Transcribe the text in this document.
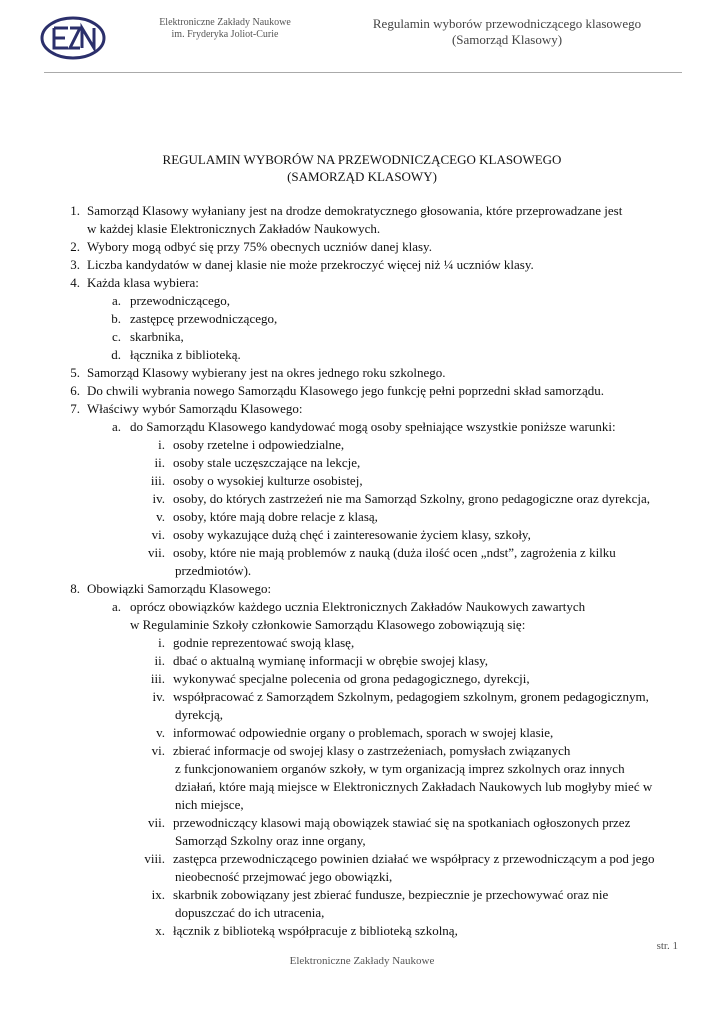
Elektroniczne Zakłady Naukowe
im. Fryderyka Joliot-Curie
Regulamin wyborów przewodniczącego klasowego
(Samorząd Klasowy)
REGULAMIN WYBORÓW NA PRZEWODNICZĄCEGO KLASOWEGO
(SAMORZĄD KLASOWY)
1. Samorząd Klasowy wyłaniany jest na drodze demokratycznego głosowania, które przeprowadzane jest
w każdej klasie Elektronicznych Zakładów Naukowych.
2. Wybory mogą odbyć się przy 75% obecnych uczniów danej klasy.
3. Liczba kandydatów w danej klasie nie może przekroczyć więcej niż ¼ uczniów klasy.
4. Każda klasa wybiera:
a. przewodniczącego,
b. zastępcę przewodniczącego,
c. skarbnika,
d. łącznika z biblioteką.
5. Samorząd Klasowy wybierany jest na okres jednego roku szkolnego.
6. Do chwili wybrania nowego Samorządu Klasowego jego funkcję pełni poprzedni skład samorządu.
7. Właściwy wybór Samorządu Klasowego:
a. do Samorządu Klasowego kandydować mogą osoby spełniające wszystkie poniższe warunki:
i. osoby rzetelne i odpowiedzialne,
ii. osoby stale uczęszczające na lekcje,
iii. osoby o wysokiej kulturze osobistej,
iv. osoby, do których zastrzeżeń nie ma Samorząd Szkolny, grono pedagogiczne oraz dyrekcja,
v. osoby, które mają dobre relacje z klasą,
vi. osoby wykazujące dużą chęć i zainteresowanie życiem klasy, szkoły,
vii. osoby, które nie mają problemów z nauką (duża ilość ocen „ndst”, zagrożenia z kilku
przedmiotów).
8. Obowiązki Samorządu Klasowego:
a. oprócz obowiązków każdego ucznia Elektronicznych Zakładów Naukowych zawartych
w Regulaminie Szkoły członkowie Samorządu Klasowego zobowiązują się:
i. godnie reprezentować swoją klasę,
ii. dbać o aktualną wymianę informacji w obrębie swojej klasy,
iii. wykonywać specjalne polecenia od grona pedagogicznego, dyrekcji,
iv. współpracować z Samorządem Szkolnym, pedagogiem szkolnym, gronem pedagogicznym,
dyrekcją,
v. informować odpowiednie organy o problemach, sporach w swojej klasie,
vi. zbierać informacje od swojej klasy o zastrzeżeniach, pomysłach związanych
z funkcjonowaniem organów szkoły, w tym organizacją imprez szkolnych oraz innych
działań, które mają miejsce w Elektronicznych Zakładach Naukowych lub mogłyby mieć w
nich miejsce,
vii. przewodniczący klasowi mają obowiązek stawiać się na spotkaniach ogłoszonych przez
Samorząd Szkolny oraz inne organy,
viii. zastępca przewodniczącego powinien działać we współpracy z przewodniczącym a pod jego
nieobecność przejmować jego obowiązki,
ix. skarbnik zobowiązany jest zbierać fundusze, bezpiecznie je przechowywać oraz nie
dopuszczać do ich utracenia,
x. łącznik z biblioteką współpracuje z biblioteką szkolną,
str. 1
Elektroniczne Zakłady Naukowe
